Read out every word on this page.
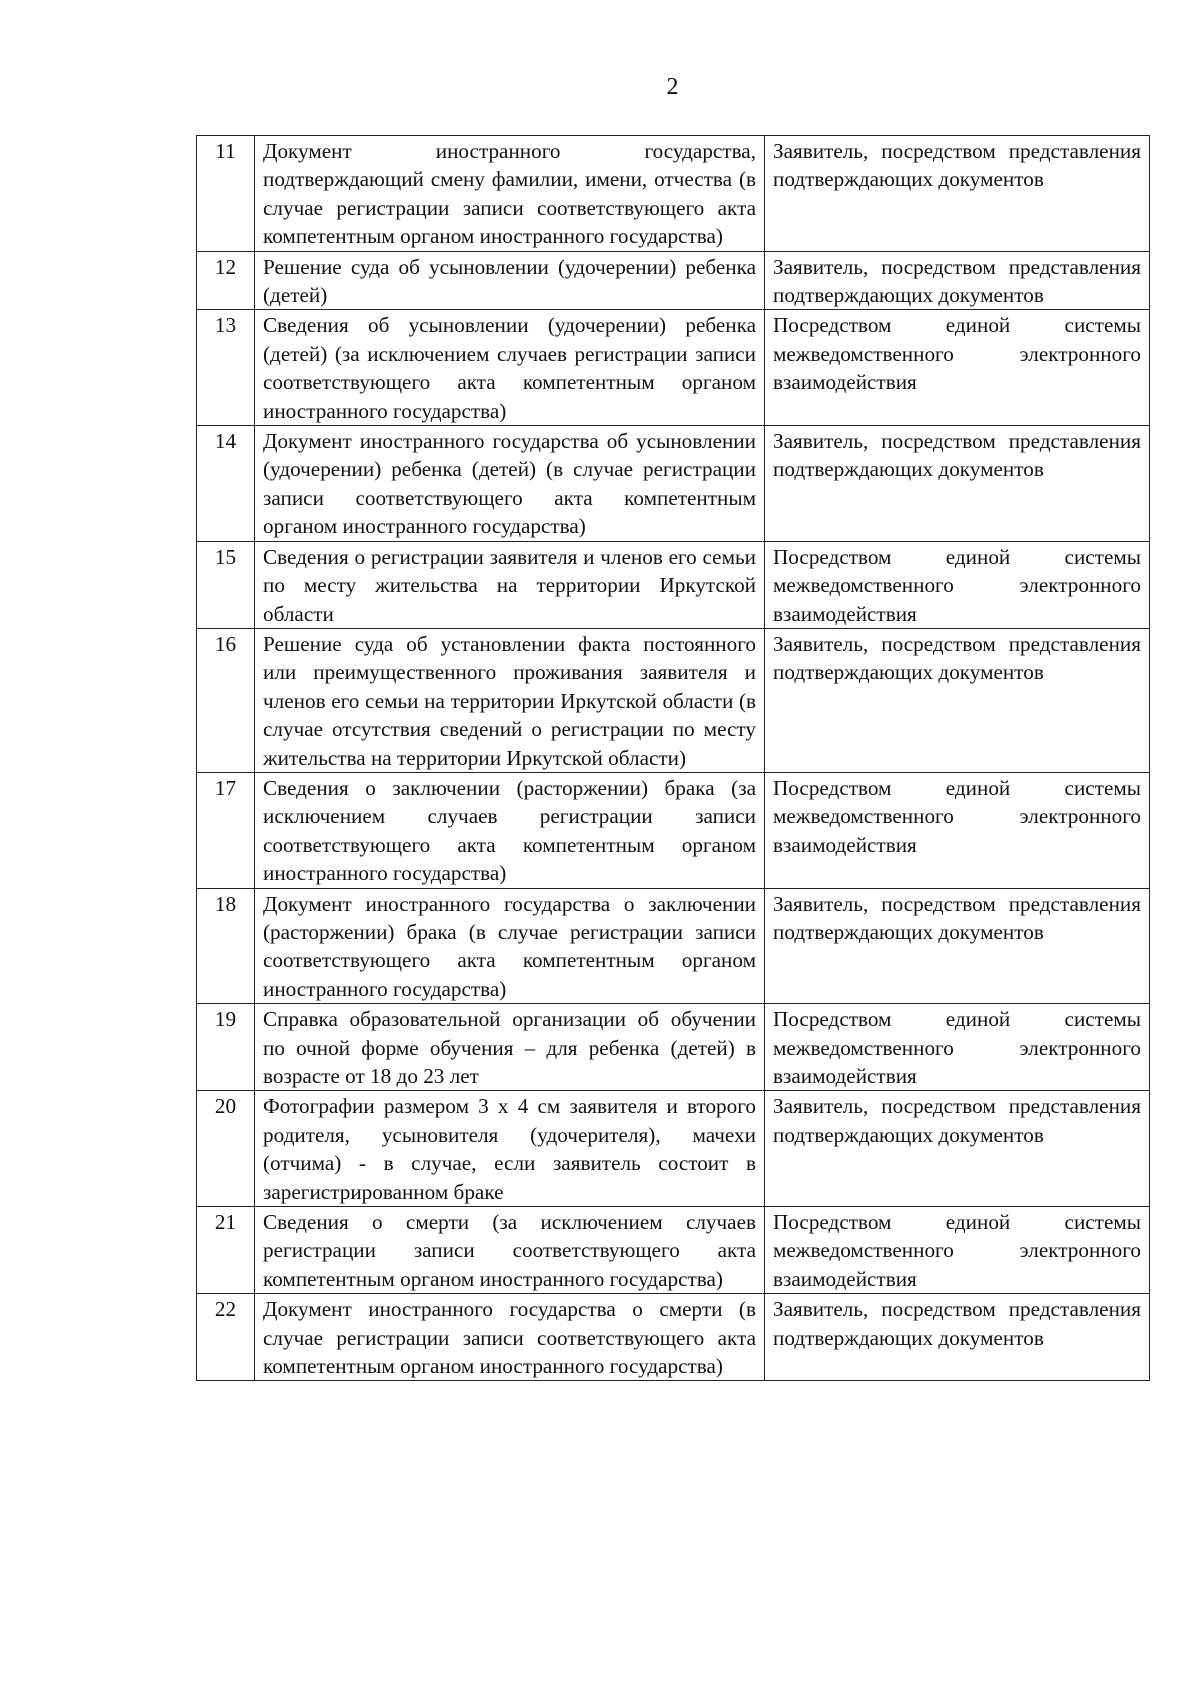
2
11	Документ иностранного государства, подтверждающий смену фамилии, имени, отчества (в случае регистрации записи соответствующего акта компетентным органом иностранного государства)	Заявитель, посредством представления подтверждающих документов
12	Решение суда об усыновлении (удочерении) ребенка (детей)	Заявитель, посредством представления подтверждающих документов
13	Сведения об усыновлении (удочерении) ребенка (детей) (за исключением случаев регистрации записи соответствующего акта компетентным органом иностранного государства)	Посредством единой системы межведомственного электронного взаимодействия
14	Документ иностранного государства об усыновлении (удочерении) ребенка (детей) (в случае регистрации записи соответствующего акта компетентным органом иностранного государства)	Заявитель, посредством представления подтверждающих документов
15	Сведения о регистрации заявителя и членов его семьи по месту жительства на территории Иркутской области	Посредством единой системы межведомственного электронного взаимодействия
16	Решение суда об установлении факта постоянного или преимущественного проживания заявителя и членов его семьи на территории Иркутской области (в случае отсутствия сведений о регистрации по месту жительства на территории Иркутской области)	Заявитель, посредством представления подтверждающих документов
17	Сведения о заключении (расторжении) брака (за исключением случаев регистрации записи соответствующего акта компетентным органом иностранного государства)	Посредством единой системы межведомственного электронного взаимодействия
18	Документ иностранного государства о заключении (расторжении) брака (в случае регистрации записи соответствующего акта компетентным органом иностранного государства)	Заявитель, посредством представления подтверждающих документов
19	Справка образовательной организации об обучении по очной форме обучения – для ребенка (детей) в возрасте от 18 до 23 лет	Посредством единой системы межведомственного электронного взаимодействия
20	Фотографии размером 3 х 4 см заявителя и второго родителя, усыновителя (удочерителя), мачехи (отчима) - в случае, если заявитель состоит в зарегистрированном браке	Заявитель, посредством представления подтверждающих документов
21	Сведения о смерти (за исключением случаев регистрации записи соответствующего акта компетентным органом иностранного государства)	Посредством единой системы межведомственного электронного взаимодействия
22	Документ иностранного государства о смерти (в случае регистрации записи соответствующего акта компетентным органом иностранного государства)	Заявитель, посредством представления подтверждающих документов
